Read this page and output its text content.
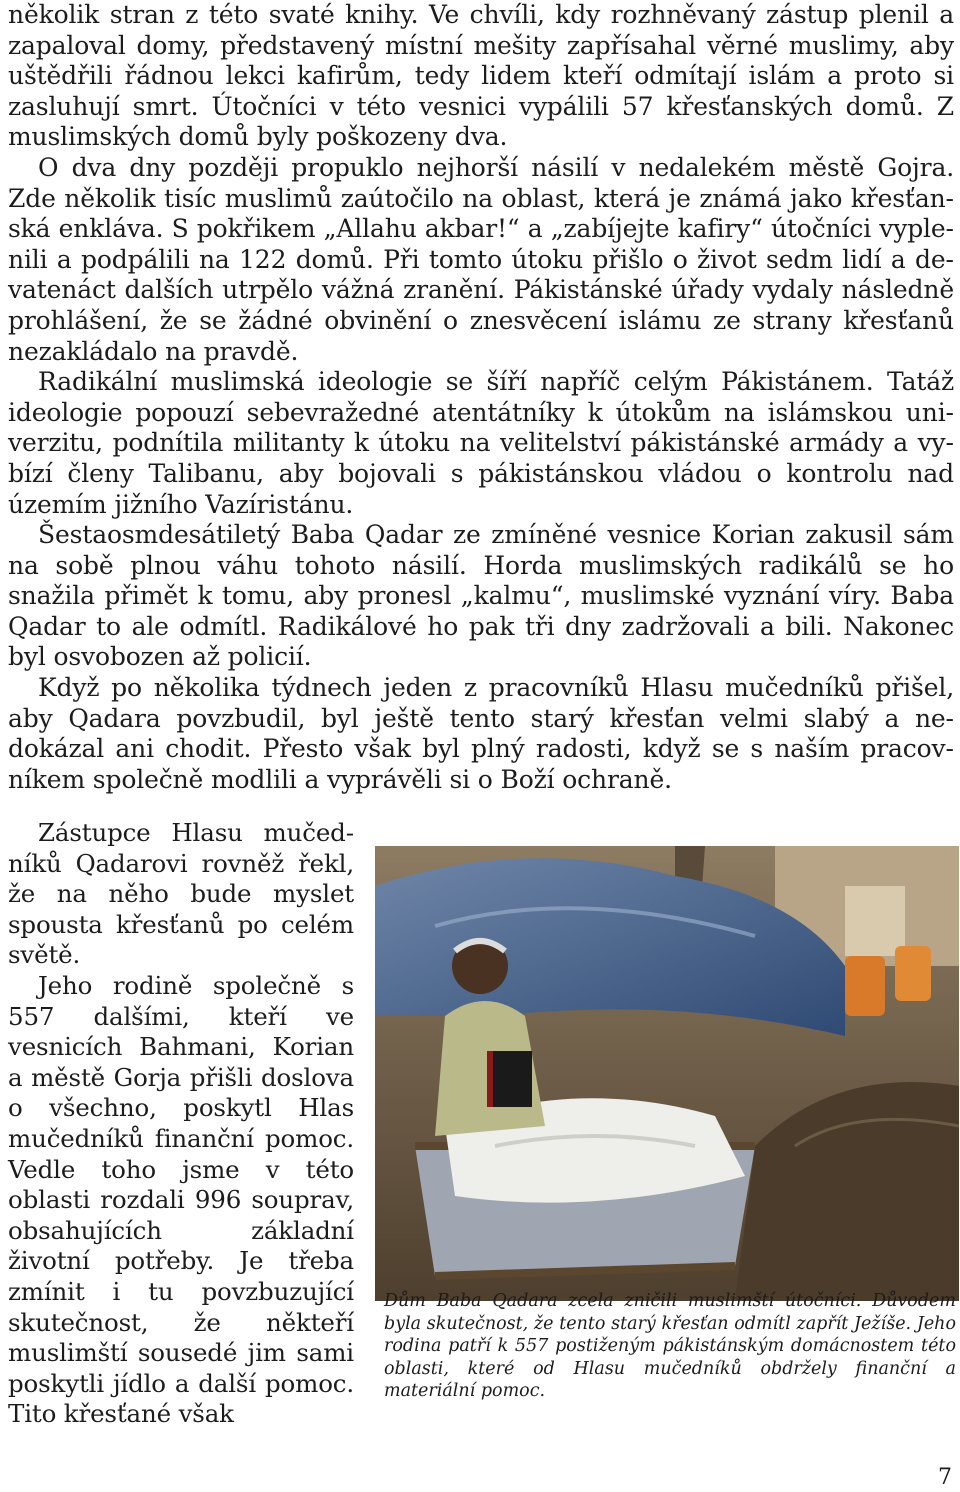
několik stran z této svaté knihy. Ve chvíli, kdy rozhněvaný zástup plenil a zapaloval domy, představený místní mešity zapřísahal věrné muslimy, aby uštědřili řádnou lekci kafirům, tedy lidem kteří odmítají islám a proto si zasluhují smrt. Útočníci v této vesnici vypálili 57 křesťanských domů. Z muslimských domů byly poškozeny dva.

O dva dny později propuklo nejhorší násilí v nedalekém městě Gojra. Zde několik tisíc muslimů zaútočilo na oblast, která je známá jako křesťanská enkláva. S pokřikem „Allahu akbar!“ a „zabíjejte kafiry“ útočníci vyplenili a podpálili na 122 domů. Při tomto útoku přišlo o život sedm lidí a devatenáct dalších utrpělo vážná zranění. Pákistánské úřady vydaly následně prohlášení, že se žádné obvinění o znesvěcení islámu ze strany křesťanů nezakládalo na pravdě.

Radikální muslimská ideologie se šíří napříč celým Pákistánem. Tatáž ideologie popouzí sebevražedné atentátníky k útokům na islámskou univerzitu, podnítila militanty k útoku na velitelství pákistánské armády a vybízí členy Talibanu, aby bojovali s pákistánskou vládou o kontrolu nad územím jižního Vazíristánu.

Šestaosmdesátiletý Baba Qadar ze zmíněné vesnice Korian zakusil sám na sobě plnou váhu tohoto násilí. Horda muslimských radikálů se ho snažila přimět k tomu, aby pronesl „kalmu“, muslimské vyznání víry. Baba Qadar to ale odmítl. Radikálové ho pak tři dny zadržovali a bili. Nakonec byl osvobozen až policií.

Když po několika týdnech jeden z pracovníků Hlasu mučedníků přišel, aby Qadara povzbudil, byl ještě tento starý křesťan velmi slabý a nedokázal ani chodit. Přesto však byl plný radosti, když se s naším pracovníkem společně modlili a vyprávěli si o Boží ochraně.

Zástupce Hlasu mučedníků Qadarovi rovněž řekl, že na něho bude myslet spousta křesťanů po celém světě.

Jeho rodině společně s 557 dalšími, kteří ve vesnicích Bahmani, Korian a městě Gorja přišli doslova o všechno, poskytl Hlas mučedníků finanční pomoc. Vedle toho jsme v této oblasti rozdali 996 souprav, obsahujících základní životní potřeby. Je třeba zmínit i tu povzbuzující skutečnost, že někteří muslimští sousedé jim sami poskytli jídlo a další pomoc. Tito křesťané však

Dům Baba Qadara zcela zničili muslimští útočníci. Důvodem byla skutečnost, že tento starý křesťan odmítl zapřít Ježíše. Jeho rodina patří k 557 postiženým pákistánským domácnostem této oblasti, které od Hlasu mučedníků obdržely finanční a materiální pomoc.

7
